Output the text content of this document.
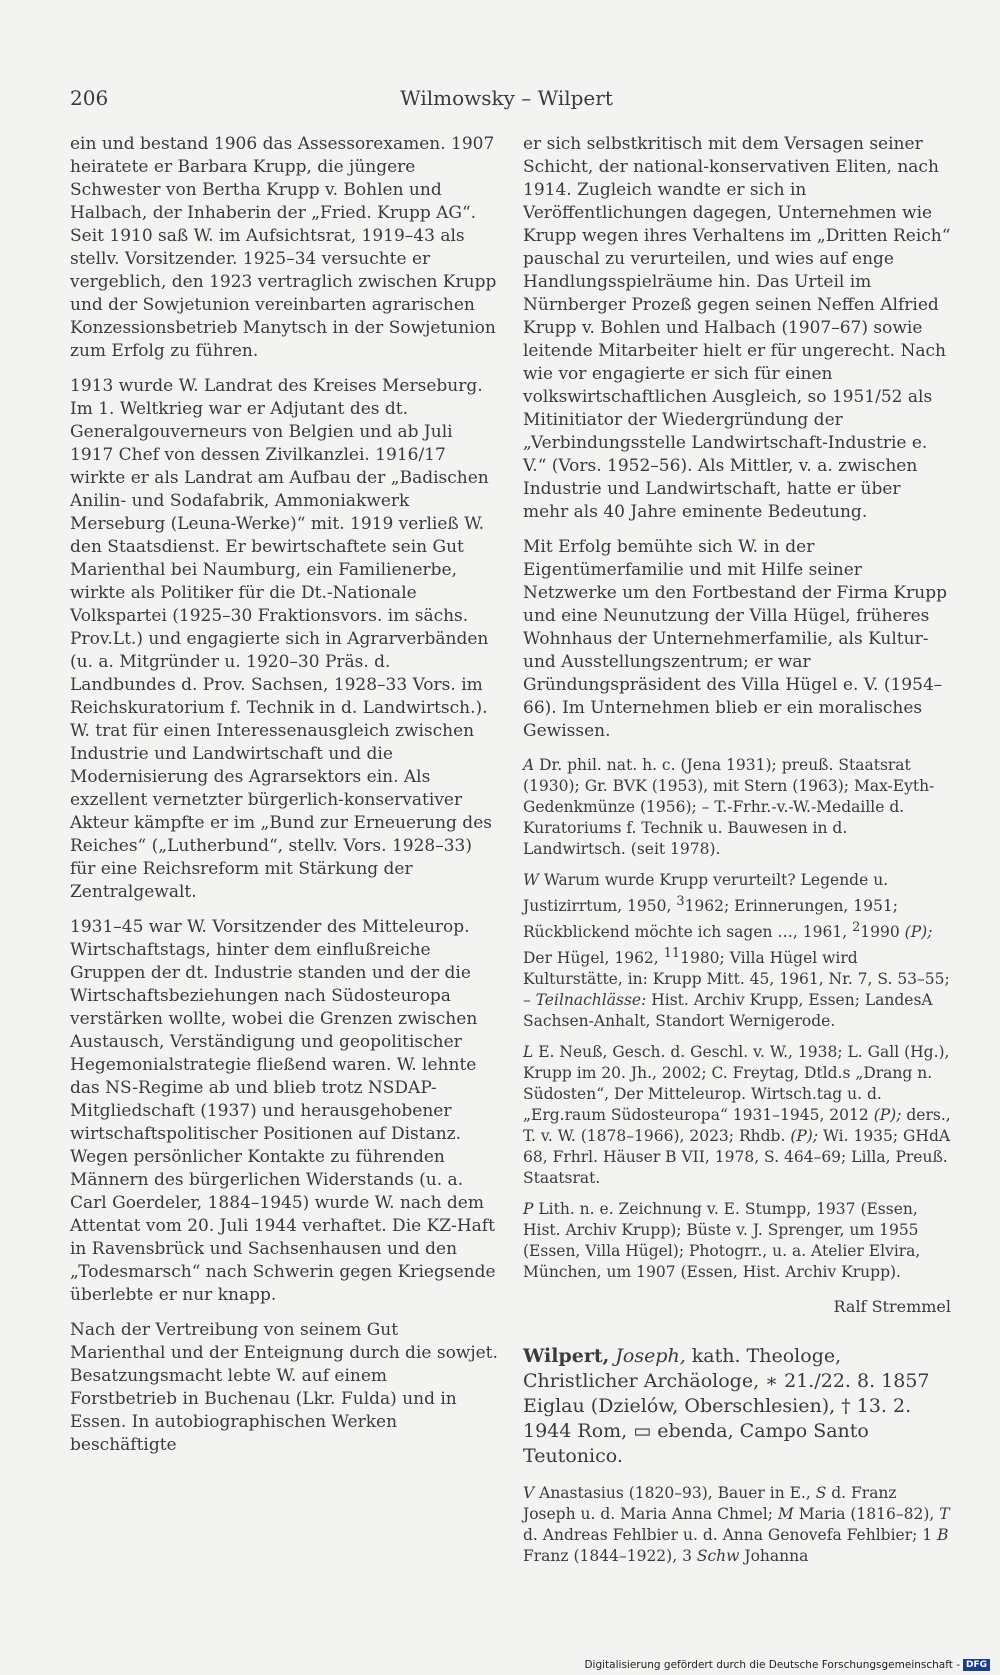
206	Wilmowsky – Wilpert

ein und bestand 1906 das Assessorexamen. 1907 heiratete er Barbara Krupp, die jüngere Schwester von Bertha Krupp v. Bohlen und Halbach, der Inhaberin der „Fried. Krupp AG“. Seit 1910 saß W. im Aufsichtsrat, 1919–43 als stellv. Vorsitzender. 1925–34 versuchte er vergeblich, den 1923 vertraglich zwischen Krupp und der Sowjetunion vereinbarten agrarischen Konzessionsbetrieb Manytsch in der Sowjetunion zum Erfolg zu führen.

1913 wurde W. Landrat des Kreises Merseburg. Im 1. Weltkrieg war er Adjutant des dt. Generalgouverneurs von Belgien und ab Juli 1917 Chef von dessen Zivilkanzlei. 1916/17 wirkte er als Landrat am Aufbau der „Badischen Anilin- und Sodafabrik, Ammoniakwerk Merseburg (Leuna-Werke)“ mit. 1919 verließ W. den Staatsdienst. Er bewirtschaftete sein Gut Marienthal bei Naumburg, ein Familienerbe, wirkte als Politiker für die Dt.-Nationale Volkspartei (1925–30 Fraktionsvors. im sächs. Prov.Lt.) und engagierte sich in Agrarverbänden (u. a. Mitgründer u. 1920–30 Präs. d. Landbundes d. Prov. Sachsen, 1928–33 Vors. im Reichskuratorium f. Technik in d. Landwirtsch.). W. trat für einen Interessenausgleich zwischen Industrie und Landwirtschaft und die Modernisierung des Agrarsektors ein. Als exzellent vernetzter bürgerlich-konservativer Akteur kämpfte er im „Bund zur Erneuerung des Reiches“ („Lutherbund“, stellv. Vors. 1928–33) für eine Reichsreform mit Stärkung der Zentralgewalt.

1931–45 war W. Vorsitzender des Mitteleurop. Wirtschaftstags, hinter dem einflußreiche Gruppen der dt. Industrie standen und der die Wirtschaftsbeziehungen nach Südosteuropa verstärken wollte, wobei die Grenzen zwischen Austausch, Verständigung und geopolitischer Hegemonialstrategie fließend waren. W. lehnte das NS-Regime ab und blieb trotz NSDAP-Mitgliedschaft (1937) und herausgehobener wirtschaftspolitischer Positionen auf Distanz. Wegen persönlicher Kontakte zu führenden Männern des bürgerlichen Widerstands (u. a. Carl Goerdeler, 1884–1945) wurde W. nach dem Attentat vom 20. Juli 1944 verhaftet. Die KZ-Haft in Ravensbrück und Sachsenhausen und den „Todesmarsch“ nach Schwerin gegen Kriegsende überlebte er nur knapp.

Nach der Vertreibung von seinem Gut Marienthal und der Enteignung durch die sowjet. Besatzungsmacht lebte W. auf einem Forstbetrieb in Buchenau (Lkr. Fulda) und in Essen. In autobiographischen Werken beschäftigte

er sich selbstkritisch mit dem Versagen seiner Schicht, der national-konservativen Eliten, nach 1914. Zugleich wandte er sich in Veröffentlichungen dagegen, Unternehmen wie Krupp wegen ihres Verhaltens im „Dritten Reich“ pauschal zu verurteilen, und wies auf enge Handlungsspielräume hin. Das Urteil im Nürnberger Prozeß gegen seinen Neffen Alfried Krupp v. Bohlen und Halbach (1907–67) sowie leitende Mitarbeiter hielt er für ungerecht. Nach wie vor engagierte er sich für einen volkswirtschaftlichen Ausgleich, so 1951/52 als Mitinitiator der Wiedergründung der „Verbindungsstelle Landwirtschaft-Industrie e. V.“ (Vors. 1952–56). Als Mittler, v. a. zwischen Industrie und Landwirtschaft, hatte er über mehr als 40 Jahre eminente Bedeutung.

Mit Erfolg bemühte sich W. in der Eigentümerfamilie und mit Hilfe seiner Netzwerke um den Fortbestand der Firma Krupp und eine Neunutzung der Villa Hügel, früheres Wohnhaus der Unternehmerfamilie, als Kultur- und Ausstellungszentrum; er war Gründungspräsident des Villa Hügel e. V. (1954–66). Im Unternehmen blieb er ein moralisches Gewissen.

A Dr. phil. nat. h. c. (Jena 1931); preuß. Staatsrat (1930); Gr. BVK (1953), mit Stern (1963); Max-Eyth-Gedenkmünze (1956); – T.-Frhr.-v.-W.-Medaille d. Kuratoriums f. Technik u. Bauwesen in d. Landwirtsch. (seit 1978).
W Warum wurde Krupp verurteilt? Legende u. Justizirrtum, 1950, $^3$1962; Erinnerungen, 1951; Rückblickend möchte ich sagen …, 1961, $^2$1990 (P); Der Hügel, 1962, $^{11}$1980; Villa Hügel wird Kulturstätte, in: Krupp Mitt. 45, 1961, Nr. 7, S. 53–55; – Teilnachlässe: Hist. Archiv Krupp, Essen; LandesA Sachsen-Anhalt, Standort Wernigerode.
L E. Neuß, Gesch. d. Geschl. v. W., 1938; L. Gall (Hg.), Krupp im 20. Jh., 2002; C. Freytag, Dtld.s „Drang n. Südosten“, Der Mitteleurop. Wirtsch.tag u. d. „Erg.raum Südosteuropa“ 1931–1945, 2012 (P); ders., T. v. W. (1878–1966), 2023; Rhdb. (P); Wi. 1935; GHdA 68, Frhrl. Häuser B VII, 1978, S. 464–69; Lilla, Preuß. Staatsrat.
P Lith. n. e. Zeichnung v. E. Stumpp, 1937 (Essen, Hist. Archiv Krupp); Büste v. J. Sprenger, um 1955 (Essen, Villa Hügel); Photogrr., u. a. Atelier Elvira, München, um 1907 (Essen, Hist. Archiv Krupp).
Ralf Stremmel
Wilpert, Joseph, kath. Theologe, Christlicher Archäologe, ∗ 21./22. 8. 1857 Eiglau (Dzielów, Oberschlesien), † 13. 2. 1944 Rom, ▭ ebenda, Campo Santo Teutonico.
V Anastasius (1820–93), Bauer in E., S d. Franz Joseph u. d. Maria Anna Chmel; M Maria (1816–82), T d. Andreas Fehlbier u. d. Anna Genovefa Fehlbier; 1 B Franz (1844–1922), 3 Schw Johanna
Digitalisierung gefördert durch die Deutsche Forschungsgemeinschaft - DFG
